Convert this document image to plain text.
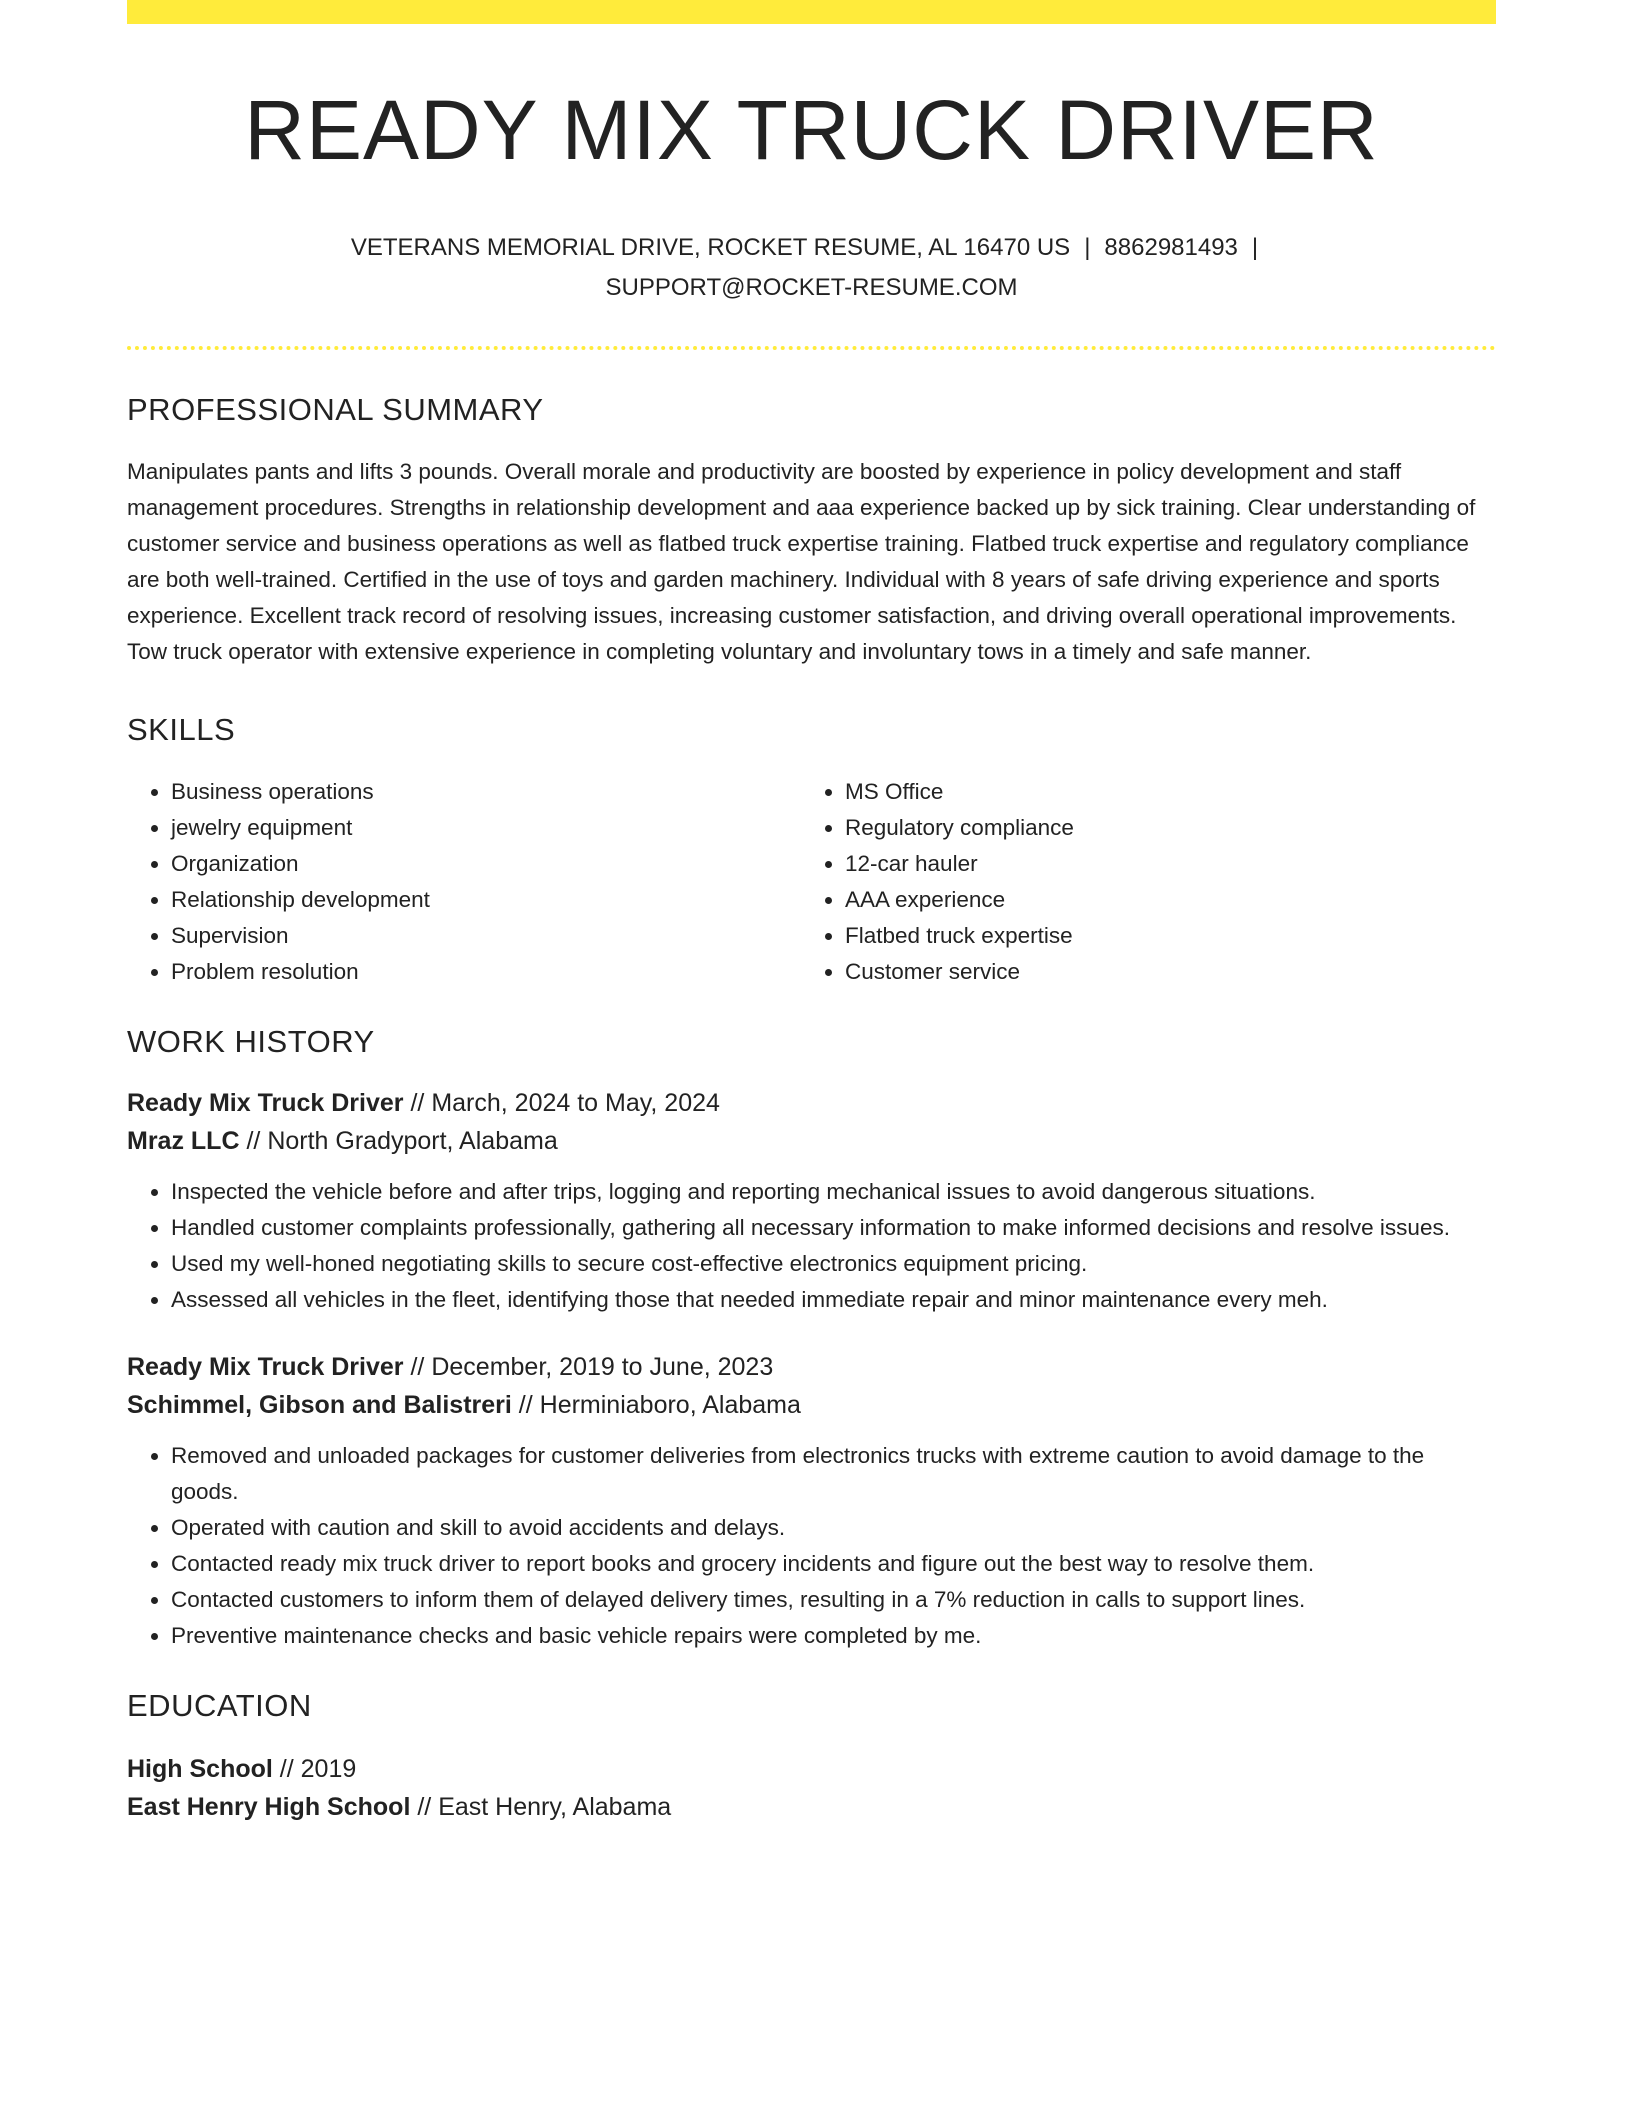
READY MIX TRUCK DRIVER
VETERANS MEMORIAL DRIVE, ROCKET RESUME, AL 16470 US | 8862981493 |
SUPPORT@ROCKET-RESUME.COM
PROFESSIONAL SUMMARY

Manipulates pants and lifts 3 pounds. Overall morale and productivity are boosted by experience in policy development and staff management procedures. Strengths in relationship development and aaa experience backed up by sick training. Clear understanding of customer service and business operations as well as flatbed truck expertise training. Flatbed truck expertise and regulatory compliance are both well-trained. Certified in the use of toys and garden machinery. Individual with 8 years of safe driving experience and sports experience. Excellent track record of resolving issues, increasing customer satisfaction, and driving overall operational improvements. Tow truck operator with extensive experience in completing voluntary and involuntary tows in a timely and safe manner.

SKILLS
• Business operations
• jewelry equipment
• Organization
• Relationship development
• Supervision
• Problem resolution
• MS Office
• Regulatory compliance
• 12-car hauler
• AAA experience
• Flatbed truck expertise
• Customer service
WORK HISTORY
Ready Mix Truck Driver // March, 2024 to May, 2024
Mraz LLC // North Gradyport, Alabama
• Inspected the vehicle before and after trips, logging and reporting mechanical issues to avoid dangerous situations.
• Handled customer complaints professionally, gathering all necessary information to make informed decisions and resolve issues.
• Used my well-honed negotiating skills to secure cost-effective electronics equipment pricing.
• Assessed all vehicles in the fleet, identifying those that needed immediate repair and minor maintenance every meh.
Ready Mix Truck Driver // December, 2019 to June, 2023
Schimmel, Gibson and Balistreri // Herminiaboro, Alabama
• Removed and unloaded packages for customer deliveries from electronics trucks with extreme caution to avoid damage to the goods.
• Operated with caution and skill to avoid accidents and delays.
• Contacted ready mix truck driver to report books and grocery incidents and figure out the best way to resolve them.
• Contacted customers to inform them of delayed delivery times, resulting in a 7% reduction in calls to support lines.
• Preventive maintenance checks and basic vehicle repairs were completed by me.
EDUCATION
High School // 2019
East Henry High School // East Henry, Alabama
